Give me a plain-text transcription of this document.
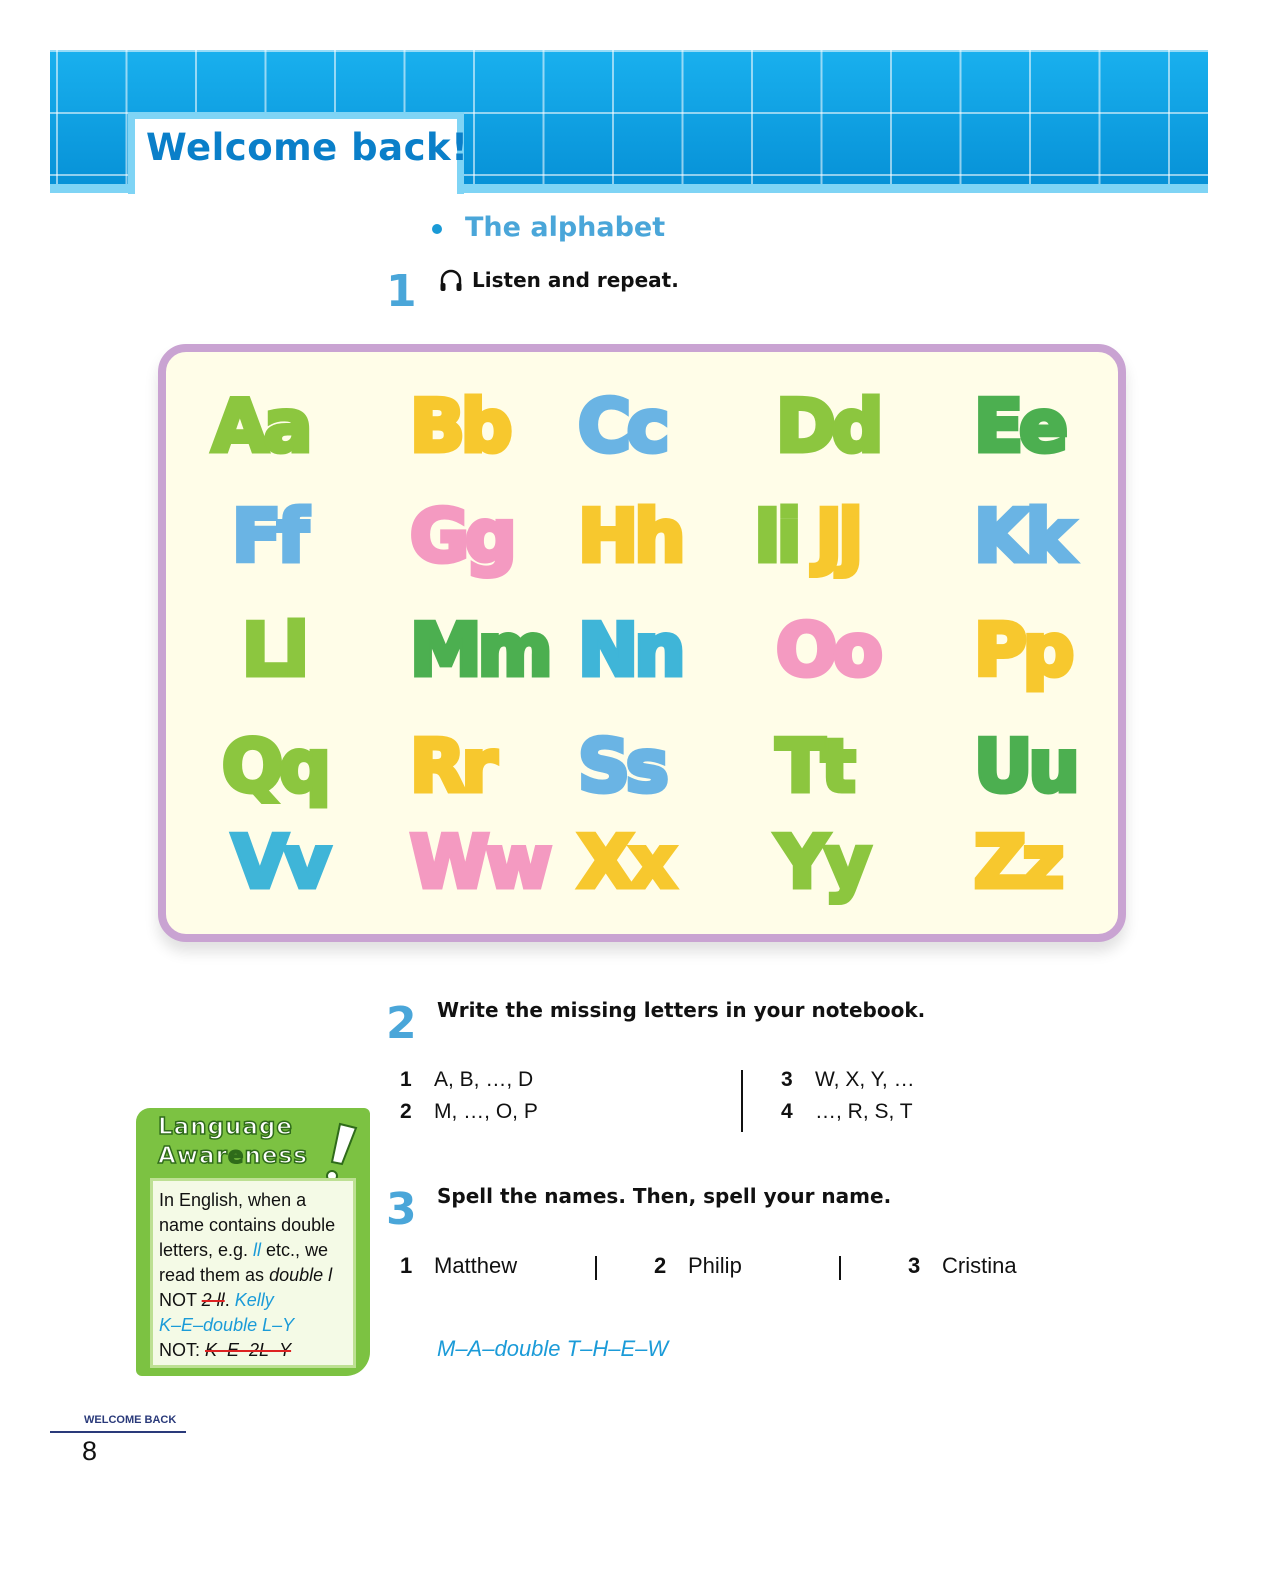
Welcome back!
The alphabet
1	Listen and repeat.
Aa Bb Cc Dd Ee
Ff Gg Hh Ii Jj Kk
Ll Mm Nn Oo Pp
Qq Rr Ss Tt Uu
Vv Ww Xx Yy Zz
2 Write the missing letters in your notebook.
1 A, B, …, D
2 M, …, O, P
3 W, X, Y, …
4 …, R, S, T
3 Spell the names. Then, spell your name.
1 Matthew	2 Philip	3 Cristina
M–A–double T–H–E–W
Language
Awareness
In English, when a
name contains double
letters, e.g. ll etc., we
read them as double l
NOT 2 ll. Kelly
K–E–double L–Y
NOT: K–E–2L–Y
WELCOME BACK
8
